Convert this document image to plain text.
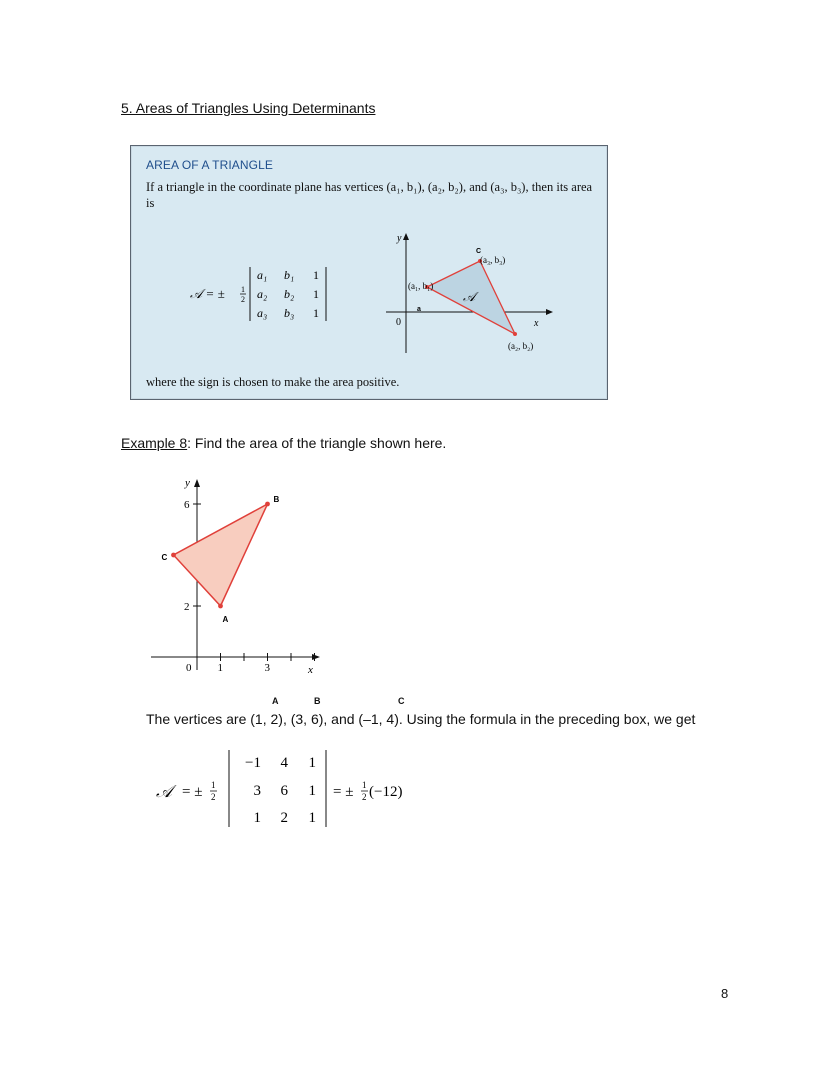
5. Areas of Triangles Using Determinants
AREA OF A TRIANGLE
If a triangle in the coordinate plane has vertices (a₁, b₁), (a₂, b₂), and (a₃, b₃), then its area is
where the sign is chosen to make the area positive.
𝒜 = ± 1
2
a₁ b₁ 1
a₂ b₂ 1
a₃ b₃ 1
y
x
0
(a₁, b₁)
(a₃, b₃)
(a₂, b₂)
𝒜
a
C
Example 8: Find the area of the triangle shown here.
y
x
0
6
2
1	3
A
B
C
A	B	C
The vertices are (1, 2), (3, 6), and (–1, 4). Using the formula in the preceding box, we get
𝒜 = ± 1
2
−1 4 1
3 6 1
1 2 1
= ± 1
2 (−12)
8
